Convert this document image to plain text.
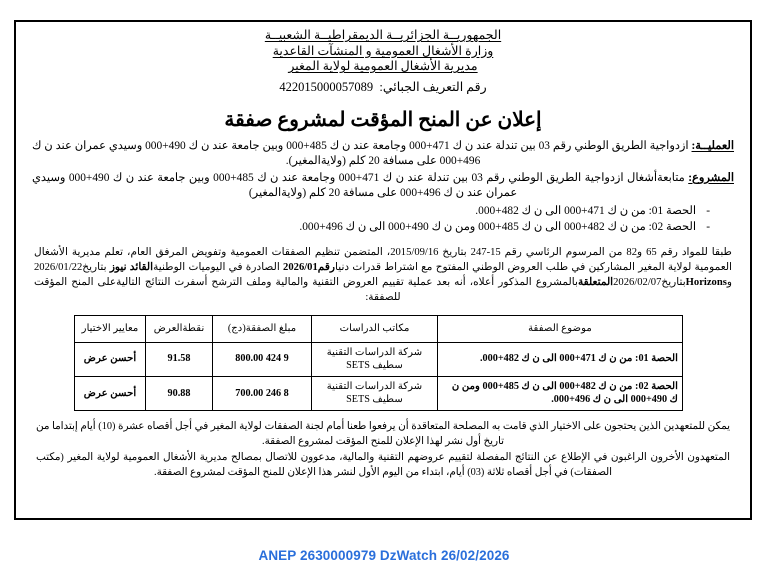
الجمهوريــة الجزائريــة الديمقراطيــة الشعبيــة
وزارة الأشغال العمومية و المنشآت القاعدية
مديرية الأشغال العمومية لولاية المغير
رقم التعريف الجبائي:  422015000057089
إعلان عن المنح المؤقت لمشروع صفقة

العمليــة: ازدواجية الطريق الوطني رقم 03 بين تندلة عند ن ك 471+000 وجامعة عند ن ك 485+000 وبين جامعة عند ن ك 490+000 وسيدي عمران عند ن ك 496+000 على مسافة 20 كلم (ولايةالمغير).

المشروع: متابعةأشغال ازدواجية الطريق الوطني رقم 03 بين تندلة عند ن ك 471+000 وجامعة عند ن ك 485+000 وبين جامعة عند ن ك 490+000 وسيدي عمران عند ن ك 496+000 على مسافة 20 كلم (ولايةالمغير)

-
الحصة 01: من ن ك 471+000 الى ن ك 482+000.
-
الحصة 02: من ن ك 482+000 الى ن ك 485+000 ومن ن ك 490+000 الى ن ك 496+000.

طبقا للمواد رقم 65 و82 من المرسوم الرئاسي رقم 15-247 بتاريخ 2015/09/16، المتضمن تنظيم الصفقات العمومية وتفويض المرفق العام، تعلم مديرية الأشغال العمومية لولاية المغير المشاركين في طلب العروض الوطني المفتوح مع اشتراط قدرات دنيارقم2026/01 الصادرة في اليوميات الوطنيةالقائد نيوز بتاريخ2026/01/22 وHorizonsبتاريخ2026/02/07المتعلقةبالمشروع المذكور أعلاه، أنه بعد عملية تقييم العروض التقنية والمالية وملف الترشح أسفرت النتائج التاليةعلى المنح المؤقت للصفقة:

موضوع الصفقة	مكاتب الدراسات	مبلغ الصفقة(دج)	نقطةالعرض	معايير الاختيار
الحصة 01: من ن ك 471+000 الى ن ك 482+000.	شركة الدراسات التقنية سطيف SETS	9 424 800.00	91.58	أحسن عرض
الحصة 02: من ن ك 482+000 الى ن ك 485+000 ومن ن ك 490+000 الى ن ك 496+000.	شركة الدراسات التقنية سطيف SETS	8 246 700.00	90.88	أحسن عرض

يمكن للمتعهدين الذين يحتجون على الاختيار الذي قامت به المصلحة المتعاقدة أن يرفعوا طعنا أمام لجنة الصفقات لولاية المغير في أجل أقصاه عشرة (10) أيام إبتداما من تاريخ أول نشر لهذا الإعلان للمنح المؤقت لمشروع الصفقة.

المتعهدون الأخرون الراغبون في الإطلاع عن النتائج المفصلة لتقييم عروضهم التقنية والمالية، مدعوون للاتصال بمصالح مديرية الأشغال العمومية لولاية المغير (مكتب الصفقات) في أجل أقصاه ثلاثة (03) أيام، ابتداء من اليوم الأول لنشر هذا الإعلان للمنح المؤقت لمشروع الصفقة.

ANEP 2630000979 DzWatch 26/02/2026
